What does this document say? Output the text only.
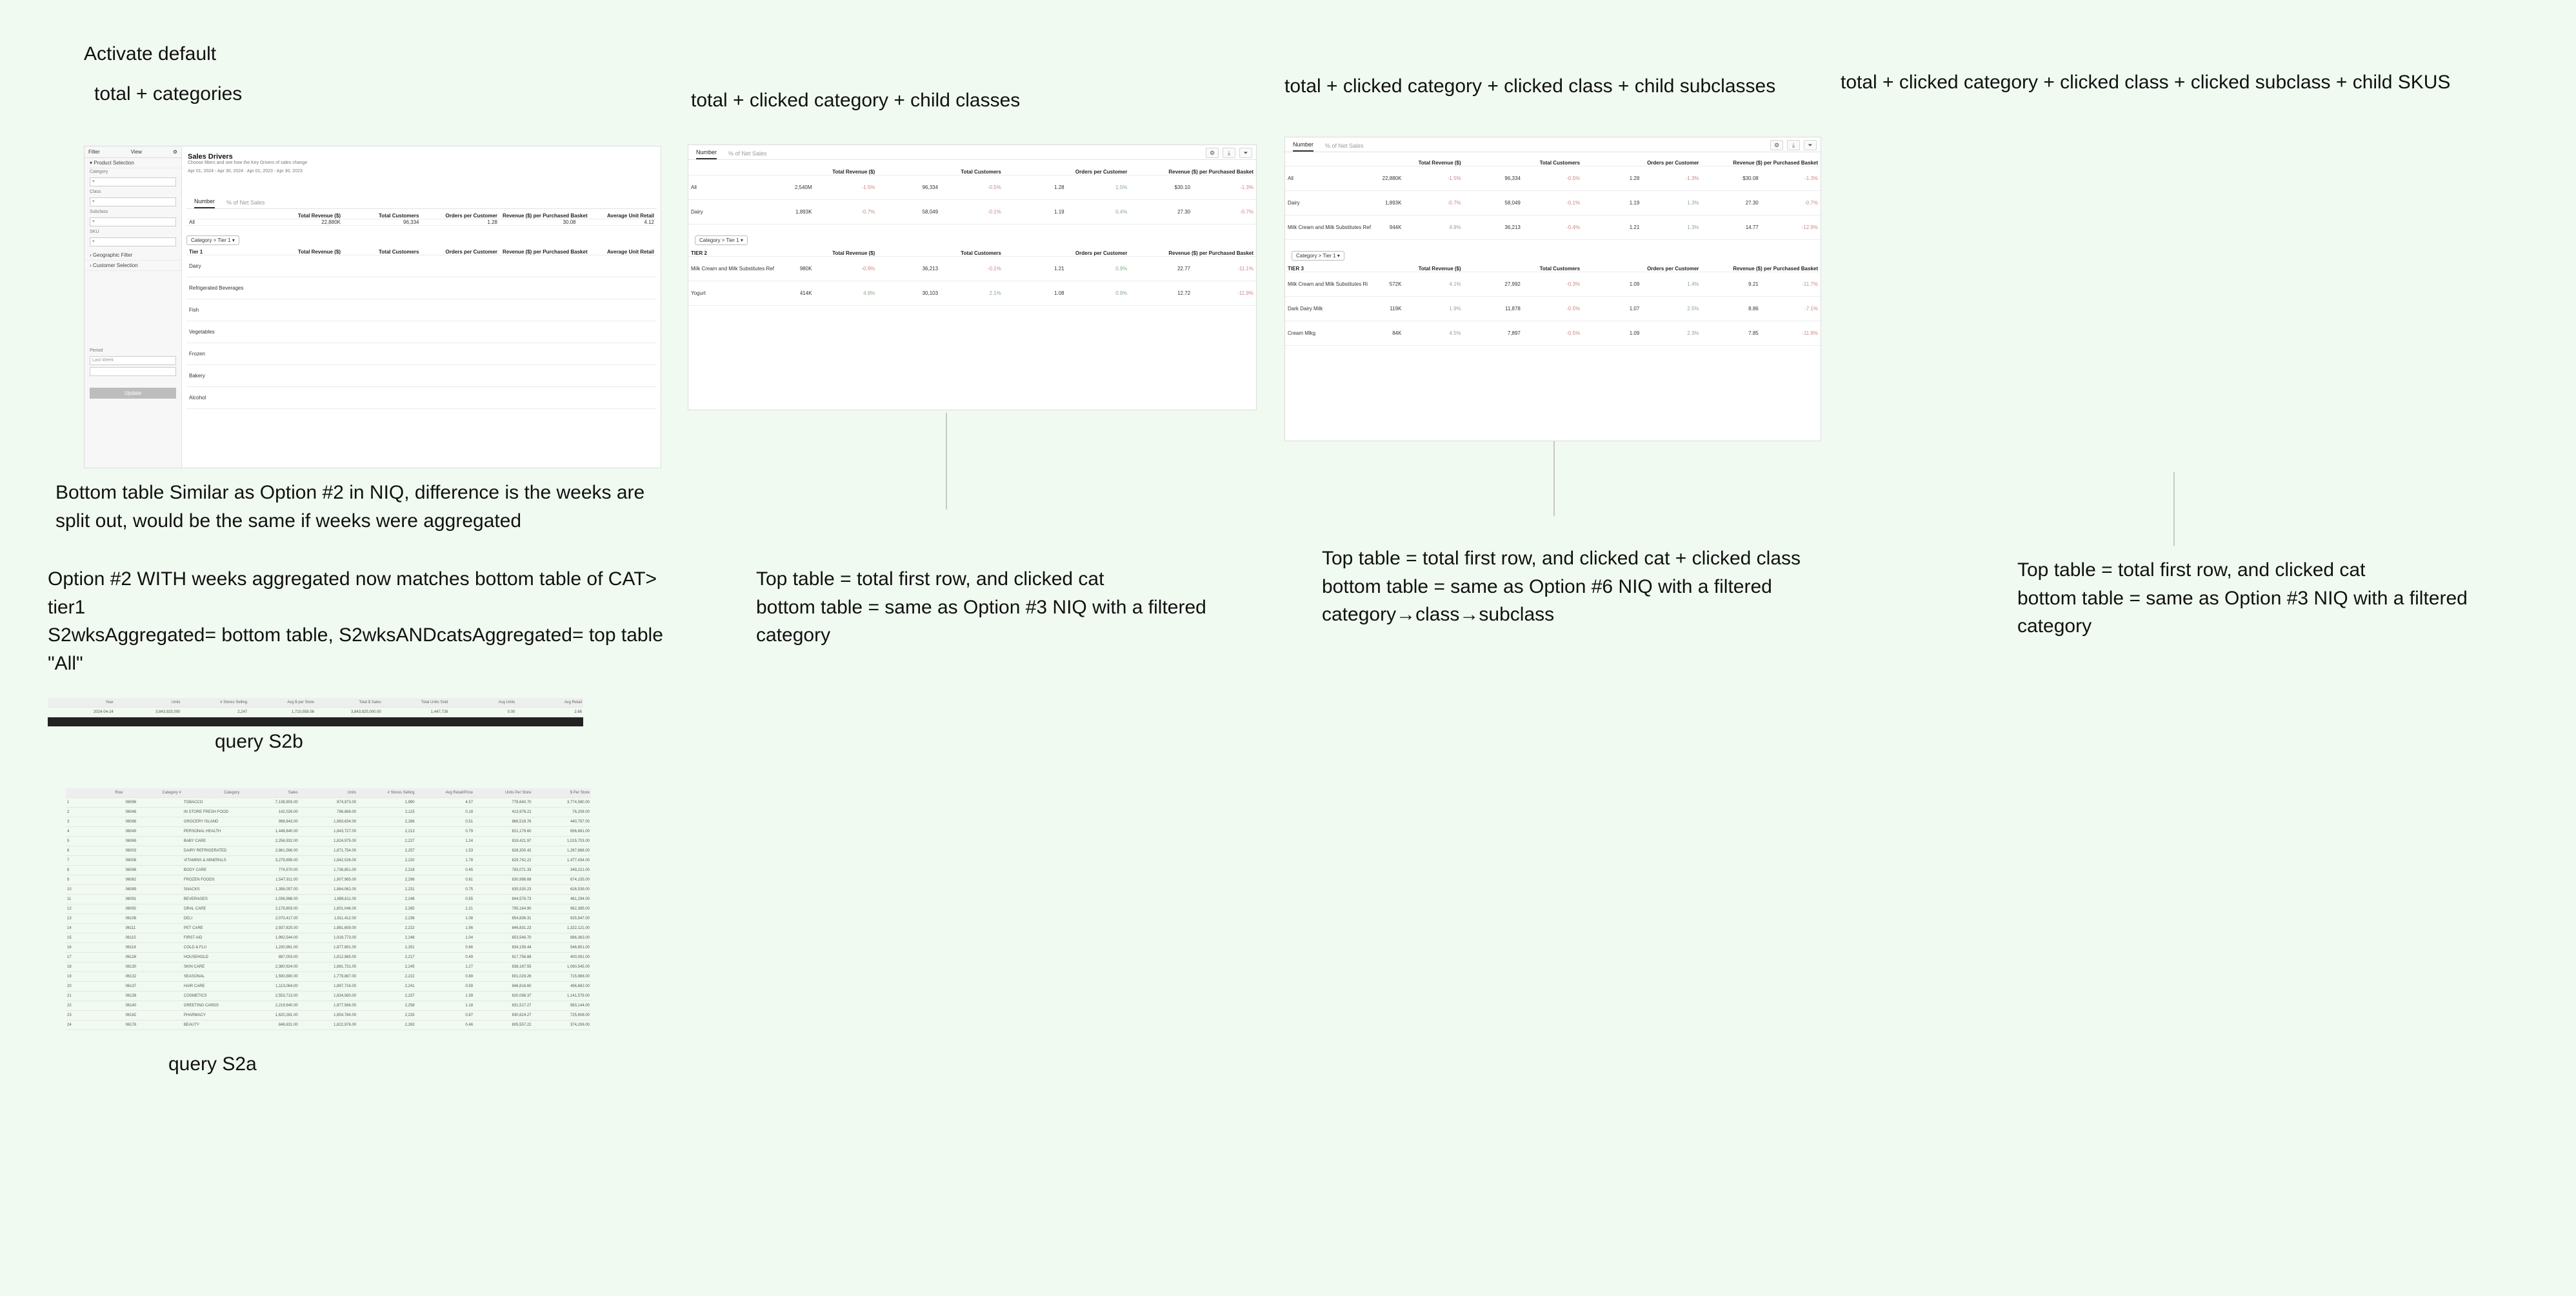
Activate default
total + categories	total + clicked category + child classes
total + clicked category + clicked class + child subclasses	total + clicked category + clicked class + clicked subclass + child SKUS
Filter	View	⚙
▾ Product Selection
Category
▾
Class
▾
Subclass
▾
SKU
▾
› Geographic Filter
› Customer Selection
Period
Last Week
Update
Sales Drivers
Choose filters and see how the Key Drivers of sales change
Apr 01, 2024 - Apr 30, 2024 · Apr 01, 2023 - Apr 30, 2023
Number % of Net Sales
	Total Revenue ($)	Total Customers	Orders per Customer	Revenue ($) per Purchased Basket	Average Unit Retail
All	22,880K	96,334	1.28	30.08	4.12
Category > Tier 1 ▾
Tier 1	Total Revenue ($)	Total Customers	Orders per Customer	Revenue ($) per Purchased Basket	Average Unit Retail
Dairy					
Refrigerated Beverages					
Fish					
Vegetables					
Frozen					
Bakery					
Alcohol					
Number % of Net Sales	⚙	⤓	⏷
	Total Revenue ($)		Total Customers		Orders per Customer		Revenue ($) per Purchased Basket	
All	2,540M	-1.5%	96,334	-0.5%	1.28	1.5%	$30.10	-1.3%
Dairy	1,893K	-0.7%	58,049	-0.1%	1.19	0.4%	27.30	-0.7%
Category > Tier 1 ▾
TIER 2	Total Revenue ($)		Total Customers		Orders per Customer		Revenue ($) per Purchased Basket	
Milk Cream and Milk Substitutes Ref	980K	-0.9%	36,213	-0.1%	1.21	0.9%	22.77	-11.1%
Yogurt	414K	4.9%	30,103	2.1%	1.08	0.9%	12.72	-11.9%
Number % of Net Sales	⚙	⤓	⏷
	Total Revenue ($)		Total Customers		Orders per Customer		Revenue ($) per Purchased Basket	
All	22,880K	-1.5%	96,334	-0.5%	1.28	-1.3%	$30.08	-1.3%
Dairy	1,893K	-0.7%	58,049	-0.1%	1.19	1.3%	27.30	-0.7%
Milk Cream and Milk Substitutes Ref	944K	4.9%	36,213	-0.4%	1.21	1.3%	14.77	-12.9%
Category > Tier 1 ▾
TIER 3	Total Revenue ($)		Total Customers		Orders per Customer		Revenue ($) per Purchased Basket	
Milk Cream and Milk Substitutes Ri	572K	4.1%	27,992	-0.3%	1.09	1.4%	9.21	-11.7%
Dark Dairy Milk	119K	1.9%	11,878	-0.5%	1.07	2.5%	8.86	-7.1%
Cream Mlkg	84K	4.5%	7,897	-0.5%	1.09	2.3%	7.85	-11.9%
Bottom table Similar as Option #2 in NIQ, difference is the weeks are split out, would be the same if weeks were aggregated
Option #2 WITH weeks aggregated now matches bottom table of CAT> tier1
S2wksAggregated= bottom table, S2wksANDcatsAggregated= top table "All"
Top table = total first row, and clicked cat
bottom table = same as Option #3 NIQ with a filtered category
Top table = total first row, and clicked cat + clicked class
bottom table = same as Option #6 NIQ with a filtered category→class→subclass
Top table = total first row, and clicked cat
bottom table = same as Option #3 NIQ with a filtered category
Year	Units	# Stores Selling	Avg $ per Store	Total $ Sales	Total Units Sold	Avg Units	Avg Retail
2024-04-24	3,843,925,000	2,247	1,710,559.56	3,843,925,000.00	1,447,726	0.00	2.66
query S2b
Row	Category #	Category	Sales	Units	# Stores Selling	Avg Retail/Price	Units Per Store	$ Per Store
1	06596	TOBACCO	7,138,903.00	874,873.00	1,990	4.57	778,640.70	3,774,580.00
2	06048	IN STORE FRESH FOOD	142,026.00	786,868.00	2,115	0.18	413,978.22	76,209.00
3	06068	GROCERY ISLAND	998,843.00	1,963,634.00	2,266	0.51	866,518.76	440,797.00
4	06049	PERSONAL HEALTH	1,448,840.00	1,843,727.00	2,213	0.79	821,179.60	656,681.00
5	06069	BABY CARE	2,256,932.00	1,824,975.00	2,227	1.24	818,421.97	1,015,703.00
6	06003	DAIRY REFRIGERATED	2,861,566.00	1,871,754.00	2,257	1.53	828,300.42	1,267,868.00
7	06008	VITAMINS & MINERALS	3,279,899.00	1,842,026.00	2,220	1.78	829,742.22	1,477,434.00
8	06098	BODY CARE	774,570.00	1,736,851.00	2,218	0.45	783,071.33	349,221.00
9	06082	FROZEN FOODS	1,547,911.00	1,907,965.00	2,296	0.81	830,998.68	674,155.00
10	06089	SNACKS	1,398,057.00	1,864,062.00	2,231	0.75	835,530.23	626,539.00
11	06091	BEVERAGES	1,036,988.00	1,898,611.00	2,248	0.55	844,578.73	461,294.00
12	06092	ORAL CARE	2,179,803.00	1,801,046.00	2,265	1.21	795,164.90	962,385.00
13	06108	DELI	2,070,417.00	1,911,412.00	2,236	1.08	854,836.31	925,947.00
14	06111	PET CARE	2,937,825.00	1,881,659.00	2,222	1.56	846,831.23	1,322,121.00
15	06115	FIRST AID	1,992,544.00	1,918,773.00	2,248	1.04	853,546.70	886,363.00
16	06118	COLD & FLU	1,230,961.00	1,877,691.00	2,251	0.66	834,159.44	546,851.00
17	06126	HOUSEHOLD	887,003.00	1,812,965.00	2,217	0.49	817,756.88	400,091.00
18	06130	SKIN CARE	2,380,924.00	1,881,731.00	2,245	1.27	838,187.55	1,060,545.00
19	06132	SEASONAL	1,590,880.00	1,779,887.00	2,222	0.89	801,029.26	715,968.00
20	06137	HAIR CARE	1,113,064.00	1,897,716.00	2,241	0.59	846,816.60	496,682.00
21	06139	COSMETICS	2,553,713.00	1,834,560.00	2,237	1.39	820,098.37	1,141,579.00
22	06140	GREETING CARDS	2,219,940.00	1,877,566.00	2,258	1.18	831,517.27	983,144.00
23	06182	PHARMACY	1,620,281.00	1,854,784.00	2,233	0.87	830,624.27	725,608.00
24	06178	BEAUTY	846,831.00	1,822,976.00	2,263	0.46	805,557.22	374,206.00
query S2a
